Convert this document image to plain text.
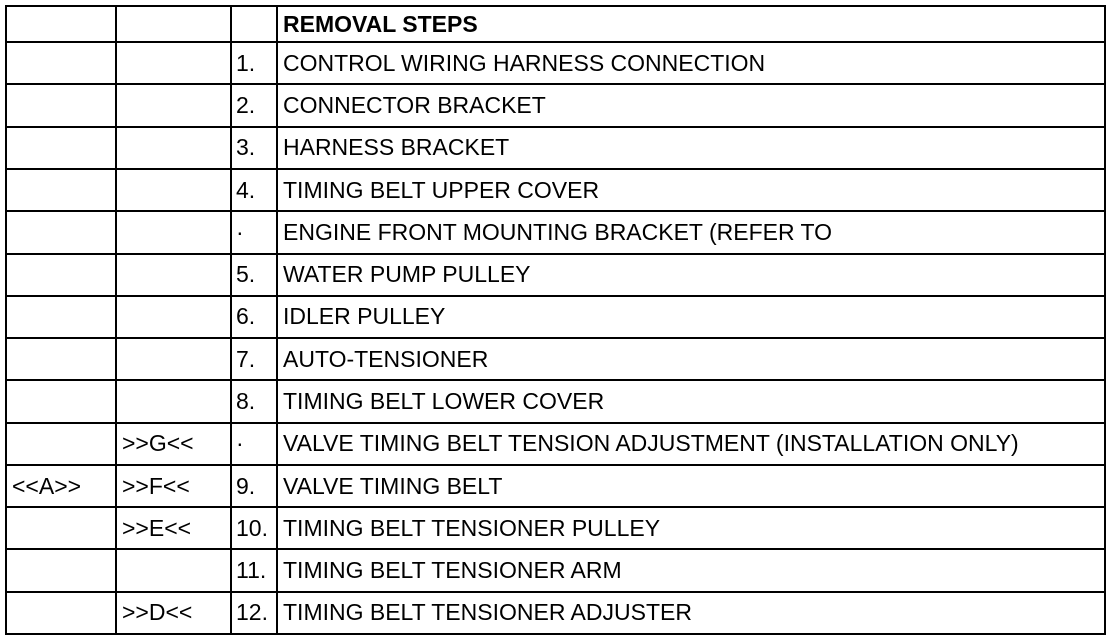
			REMOVAL STEPS
		1.	CONTROL WIRING HARNESS CONNECTION
		2.	CONNECTOR BRACKET
		3.	HARNESS BRACKET
		4.	TIMING BELT UPPER COVER
		·	ENGINE FRONT MOUNTING BRACKET (REFER TO
		5.	WATER PUMP PULLEY
		6.	IDLER PULLEY
		7.	AUTO-TENSIONER
		8.	TIMING BELT LOWER COVER
	>>G<<	·	VALVE TIMING BELT TENSION ADJUSTMENT (INSTALLATION ONLY)
<<A>>	>>F<<	9.	VALVE TIMING BELT
	>>E<<	10.	TIMING BELT TENSIONER PULLEY
		11.	TIMING BELT TENSIONER ARM
	>>D<<	12.	TIMING BELT TENSIONER ADJUSTER
